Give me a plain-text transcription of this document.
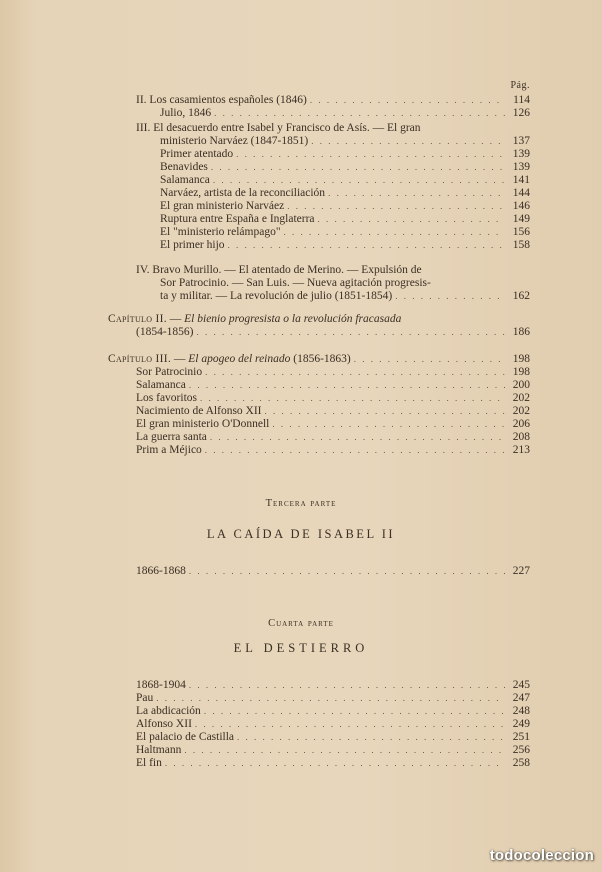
Pág.
II. Los casamientos españoles (1846) . . .	114
Julio, 1846 . . .	126
III. El desacuerdo entre Isabel y Francisco de Asís. — El gran
ministerio Narváez (1847-1851) . . .	137
Primer atentado . . .	139
Benavides . . .	139
Salamanca . . .	141
Narváez, artista de la reconciliación . . .	144
El gran ministerio Narváez . . .	146
Ruptura entre España e Inglaterra . . .	149
El "ministerio relámpago" . . .	156
El primer hijo . . .	158
IV. Bravo Murillo. — El atentado de Merino. — Expulsión de
Sor Patrocinio. — San Luis. — Nueva agitación progresis-
ta y militar. — La revolución de julio (1851-1854) . . .	162
Capítulo II. — El bienio progresista o la revolución fracasada
(1854-1856) . . .	186
Capítulo III. — El apogeo del reinado (1856-1863) . . .	198
Sor Patrocinio . . .	198
Salamanca . . .	200
Los favoritos . . .	202
Nacimiento de Alfonso XII . . .	202
El gran ministerio O'Donnell . . .	206
La guerra santa . . .	208
Prim a Méjico . . .	213
Tercera parte
LA CAÍDA DE ISABEL II
1866-1868 . . .	227
Cuarta parte
EL DESTIERRO
1868-1904 . . .	245
Pau . . .	247
La abdicación . . .	248
Alfonso XII . . .	249
El palacio de Castilla . . .	251
Haltmann . . .	256
El fin . . .	258
todocoleccion
